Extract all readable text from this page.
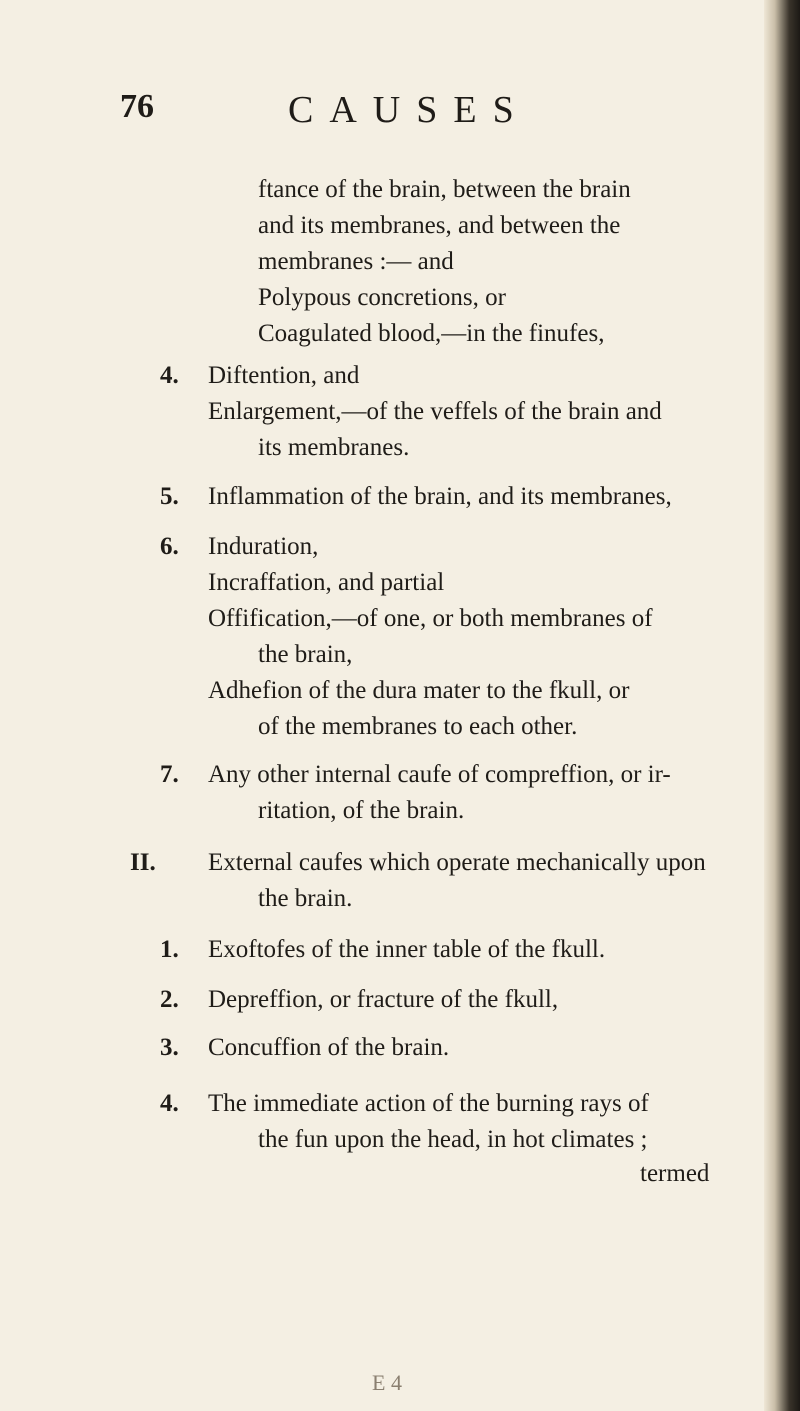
76	CAUSES
ftance of the brain, between the brain
and its membranes, and between the
membranes :— and
Polypous concretions, or
Coagulated blood,—in the finufes,
4. Diftention, and
Enlargement,—of the veffels of the brain and
its membranes.
5. Inflammation of the brain, and its membranes,
6. Induration,
Incraffation, and partial
Offification,—of one, or both membranes of
the brain,
Adhefion of the dura mater to the fkull, or
of the membranes to each other.
7. Any other internal caufe of compreffion, or ir-
ritation, of the brain.
II. External caufes which operate mechanically upon
the brain.
1. Exoftofes of the inner table of the fkull.
2. Depreffion, or fracture of the fkull,
3. Concuffion of the brain.
4. The immediate action of the burning rays of
the fun upon the head, in hot climates ;
termed
E 4
